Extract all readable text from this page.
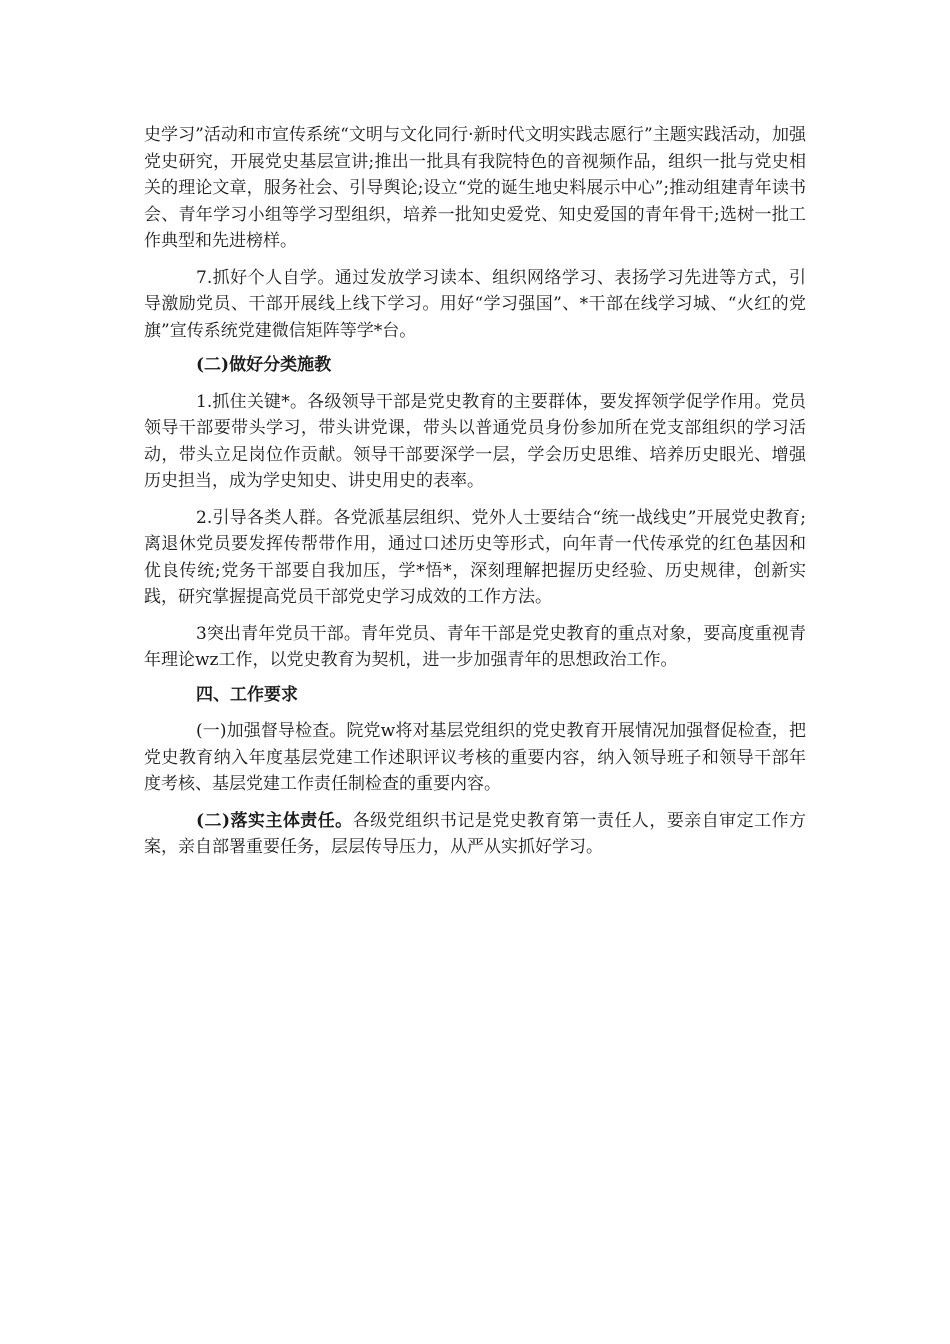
史学习”活动和市宣传系统“文明与文化同行·新时代文明实践志愿行”主题实践活动，加强党史研究，开展党史基层宣讲;推出一批具有我院特色的音视频作品，组织一批与党史相关的理论文章，服务社会、引导舆论;设立“党的诞生地史料展示中心”;推动组建青年读书会、青年学习小组等学习型组织，培养一批知史爱党、知史爱国的青年骨干;选树一批工作典型和先进榜样。

7.抓好个人自学。通过发放学习读本、组织网络学习、表扬学习先进等方式，引导激励党员、干部开展线上线下学习。用好“学习强国”、*干部在线学习城、“火红的党旗”宣传系统党建微信矩阵等学*台。

(二)做好分类施教

1.抓住关键*。各级领导干部是党史教育的主要群体，要发挥领学促学作用。党员领导干部要带头学习，带头讲党课，带头以普通党员身份参加所在党支部组织的学习活动，带头立足岗位作贡献。领导干部要深学一层，学会历史思维、培养历史眼光、增强历史担当，成为学史知史、讲史用史的表率。

2.引导各类人群。各党派基层组织、党外人士要结合“统一战线史”开展党史教育;离退休党员要发挥传帮带作用，通过口述历史等形式，向年青一代传承党的红色基因和优良传统;党务干部要自我加压，学*悟*，深刻理解把握历史经验、历史规律，创新实践，研究掌握提高党员干部党史学习成效的工作方法。

3突出青年党员干部。青年党员、青年干部是党史教育的重点对象，要高度重视青年理论wz工作，以党史教育为契机，进一步加强青年的思想政治工作。

四、工作要求

(一)加强督导检查。院党w将对基层党组织的党史教育开展情况加强督促检查，把党史教育纳入年度基层党建工作述职评议考核的重要内容，纳入领导班子和领导干部年度考核、基层党建工作责任制检查的重要内容。

(二)落实主体责任。各级党组织书记是党史教育第一责任人，要亲自审定工作方案，亲自部署重要任务，层层传导压力，从严从实抓好学习。
